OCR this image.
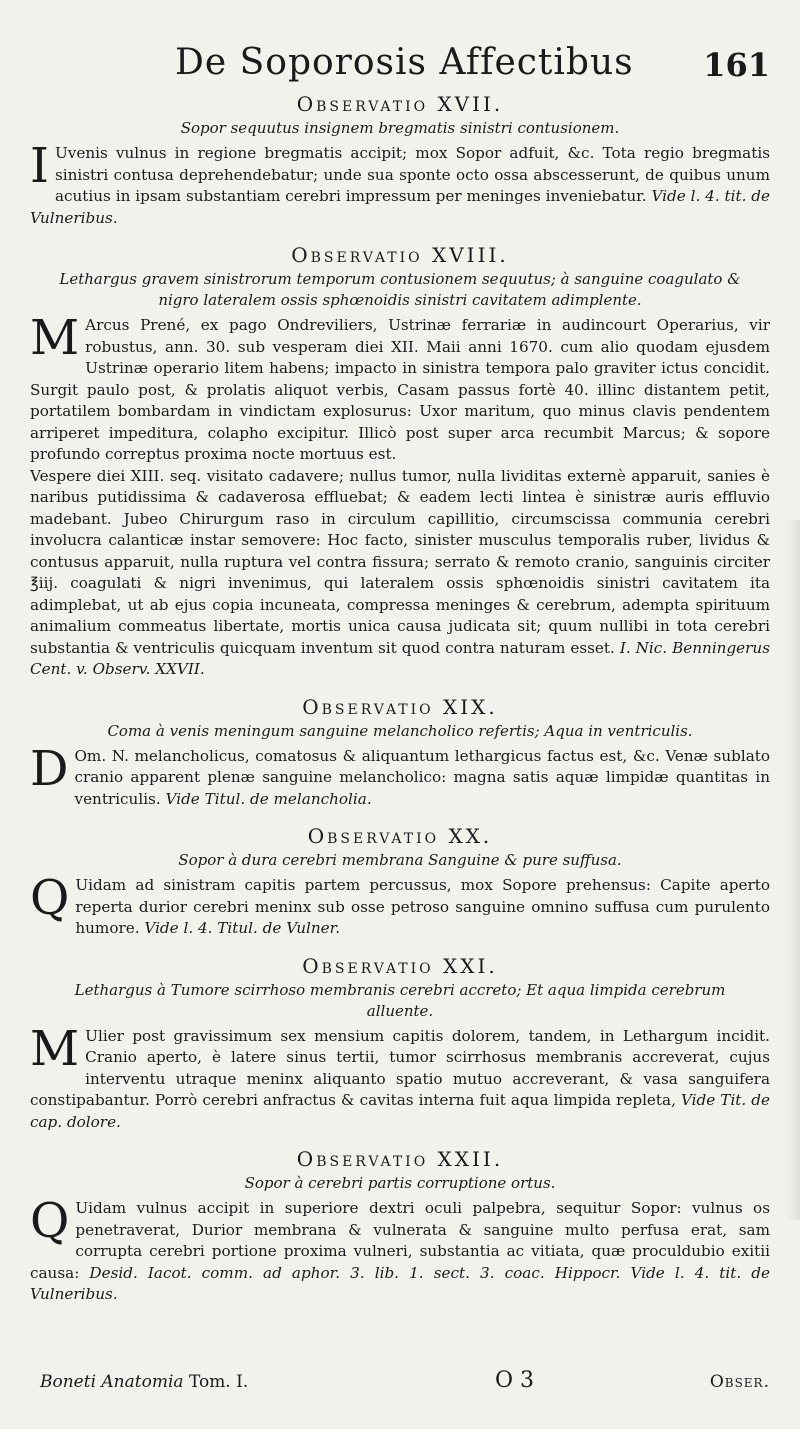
De Soporosis Affectibus 161
Observatio XVII.
Sopor sequutus insignem bregmatis sinistri contusionem.
I Uvenis vulnus in regione bregmatis accipit; mox Sopor adfuit, &c. Tota regio bregmatis sinistri contusa deprehendebatur; unde sua sponte octo ossa abscesserunt, de quibus unum acutius in ipsam substantiam cerebri impressum per meninges inveniebatur. Vide l. 4. tit. de Vulneribus.
Observatio XVIII.
Lethargus gravem sinistrorum temporum contusionem sequutus; à sanguine coagulato & nigro lateralem ossis sphœnoidis sinistri cavitatem adimplente.

M Arcus Prené, ex pago Ondreviliers, Ustrinæ ferrariæ in audincourt Operarius, vir robustus, ann. 30. sub vesperam diei XII. Maii anni 1670. cum alio quodam ejusdem Ustrinæ operario litem habens; impacto in sinistra tempora palo graviter ictus concidit. Surgit paulo post, & prolatis aliquot verbis, Casam passus fortè 40. illinc distantem petit, portatilem bombardam in vindictam explosurus: Uxor maritum, quo minus clavis pendentem arriperet impeditura, colapho excipitur. Illicò post super arca recumbit Marcus; & sopore profundo correptus proxima nocte mortuus est.

Vespere diei XIII. seq. visitato cadavere; nullus tumor, nulla lividitas externè apparuit, sanies è naribus putidissima & cadaverosa effluebat; & eadem lecti lintea è sinistræ auris effluvio madebant. Jubeo Chirurgum raso in circulum capillitio, circumscissa communia cerebri involucra calanticæ instar semovere: Hoc facto, sinister musculus temporalis ruber, lividus & contusus apparuit, nulla ruptura vel contra fissura; serrato & remoto cranio, sanguinis circiter ℥iij. coagulati & nigri invenimus, qui lateralem ossis sphœnoidis sinistri cavitatem ita adimplebat, ut ab ejus copia incuneata, compressa meninges & cerebrum, adempta spirituum animalium commeatus libertate, mortis unica causa judicata sit; quum nullibi in tota cerebri substantia & ventriculis quicquam inventum sit quod contra naturam esset. I. Nic. Benningerus Cent. v. Observ. XXVII.

Observatio XIX.
Coma à venis meningum sanguine melancholico refertis; Aqua in ventriculis.
D Om. N. melancholicus, comatosus & aliquantum lethargicus factus est, &c. Venæ sublato cranio apparent plenæ sanguine melancholico: magna satis aquæ limpidæ quantitas in ventriculis. Vide Titul. de melancholia.
Observatio XX.
Sopor à dura cerebri membrana Sanguine & pure suffusa.
Q Uidam ad sinistram capitis partem percussus, mox Sopore prehensus: Capite aperto reperta durior cerebri meninx sub osse petroso sanguine omnino suffusa cum purulento humore. Vide l. 4. Titul. de Vulner.
Observatio XXI.
Lethargus à Tumore scirrhoso membranis cerebri accreto; Et aqua limpida cerebrum alluente.
M Ulier post gravissimum sex mensium capitis dolorem, tandem, in Lethargum incidit. Cranio aperto, è latere sinus tertii, tumor scirrhosus membranis accreverat, cujus interventu utraque meninx aliquanto spatio mutuo accreverant, & vasa sanguifera constipabantur. Porrò cerebri anfractus & cavitas interna fuit aqua limpida repleta, Vide Tit. de cap. dolore.
Observatio XXII.
Sopor à cerebri partis corruptione ortus.
Q Uidam vulnus accipit in superiore dextri oculi palpebra, sequitur Sopor: vulnus os penetraverat, Durior membrana & vulnerata & sanguine multo perfusa erat, sam corrupta cerebri portione proxima vulneri, substantia ac vitiata, quæ proculdubio exitii causa: Desid. Iacot. comm. ad aphor. 3. lib. 1. sect. 3. coac. Hippocr. Vide l. 4. tit. de Vulneribus.
Boneti Anatomia Tom. I.	O 3	Obser.
